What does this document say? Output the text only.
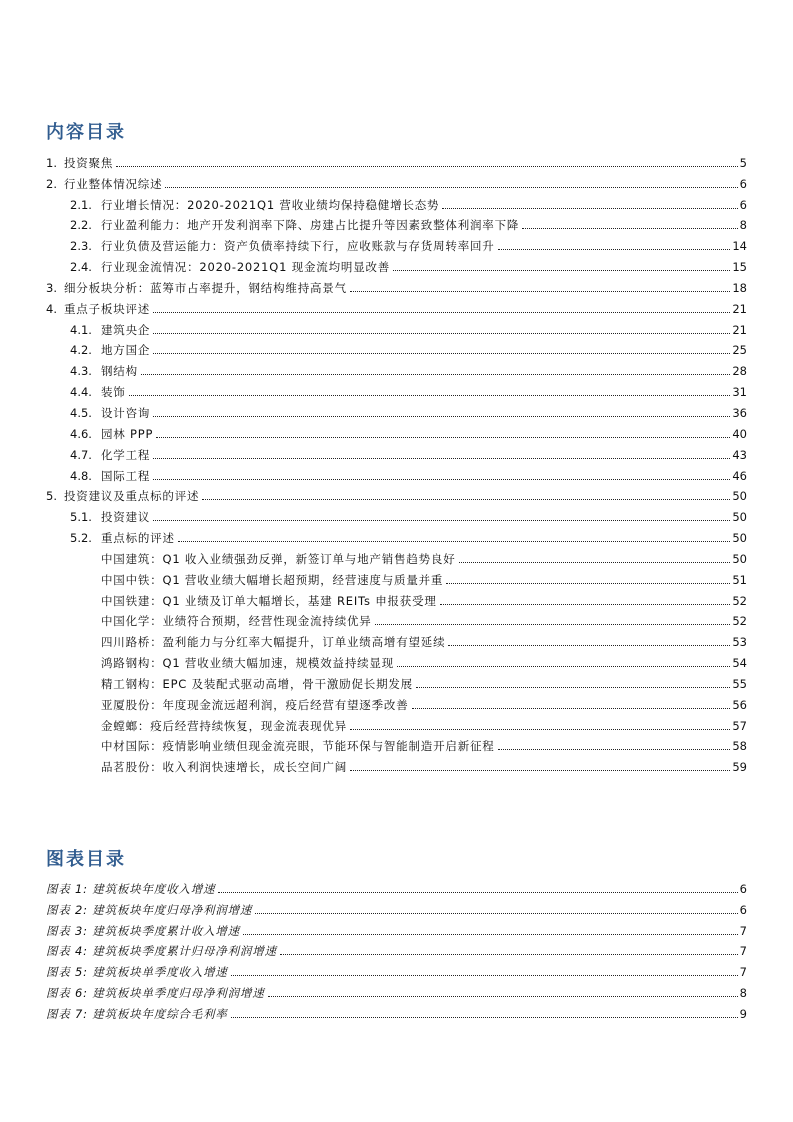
内容目录
1. 投资聚焦	5
2. 行业整体情况综述	6
2.1. 行业增长情况：2020-2021Q1 营收业绩均保持稳健增长态势	6
2.2. 行业盈利能力：地产开发利润率下降、房建占比提升等因素致整体利润率下降	8
2.3. 行业负债及营运能力：资产负债率持续下行，应收账款与存货周转率回升	14
2.4. 行业现金流情况：2020-2021Q1 现金流均明显改善	15
3. 细分板块分析：蓝筹市占率提升，钢结构维持高景气	18
4. 重点子板块评述	21
4.1. 建筑央企	21
4.2. 地方国企	25
4.3. 钢结构	28
4.4. 装饰	31
4.5. 设计咨询	36
4.6. 园林 PPP	40
4.7. 化学工程	43
4.8. 国际工程	46
5. 投资建议及重点标的评述	50
5.1. 投资建议	50
5.2. 重点标的评述	50
中国建筑：Q1 收入业绩强劲反弹，新签订单与地产销售趋势良好	50
中国中铁：Q1 营收业绩大幅增长超预期，经营速度与质量并重	51
中国铁建：Q1 业绩及订单大幅增长，基建 REITs 申报获受理	52
中国化学：业绩符合预期，经营性现金流持续优异	52
四川路桥：盈利能力与分红率大幅提升，订单业绩高增有望延续	53
鸿路钢构：Q1 营收业绩大幅加速，规模效益持续显现	54
精工钢构：EPC 及装配式驱动高增，骨干激励促长期发展	55
亚厦股份：年度现金流远超利润，疫后经营有望逐季改善	56
金螳螂：疫后经营持续恢复，现金流表现优异	57
中材国际：疫情影响业绩但现金流亮眼，节能环保与智能制造开启新征程	58
品茗股份：收入利润快速增长，成长空间广阔	59
图表目录
图表 1: 建筑板块年度收入增速	6
图表 2: 建筑板块年度归母净利润增速	6
图表 3: 建筑板块季度累计收入增速	7
图表 4: 建筑板块季度累计归母净利润增速	7
图表 5: 建筑板块单季度收入增速	7
图表 6: 建筑板块单季度归母净利润增速	8
图表 7: 建筑板块年度综合毛利率	9
